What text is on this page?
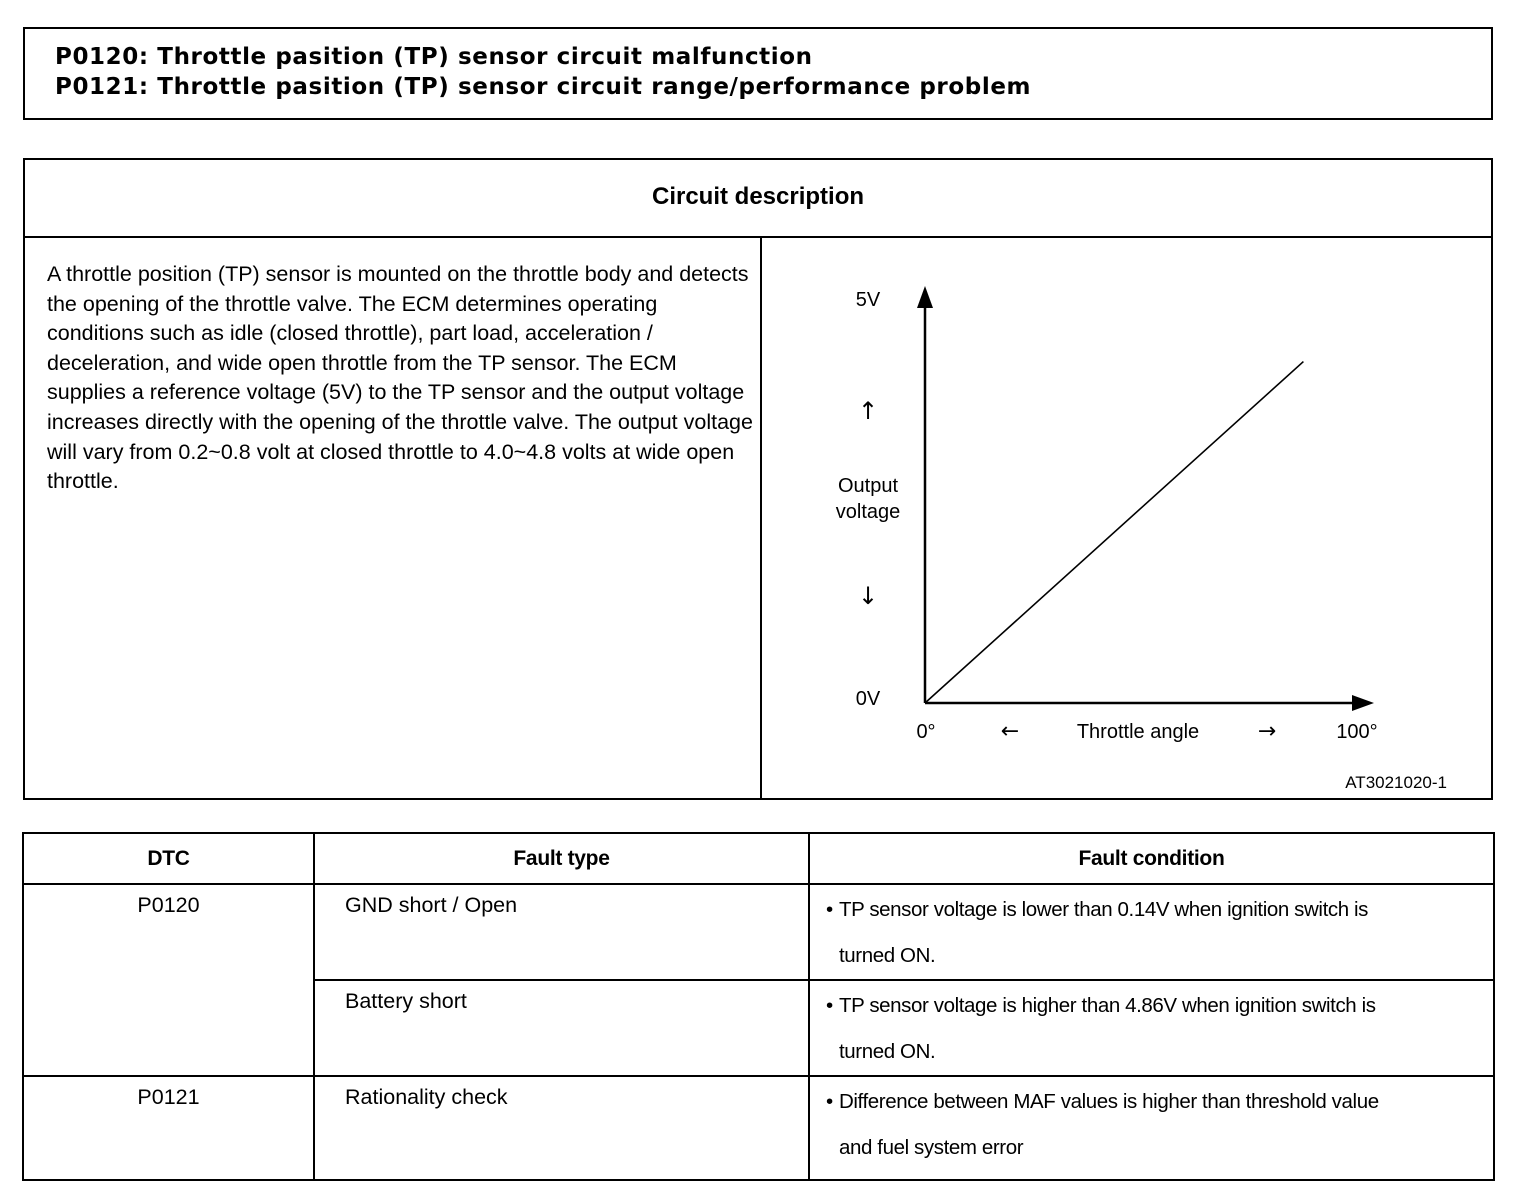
P0120: Throttle pasition (TP) sensor circuit malfunction
P0121: Throttle pasition (TP) sensor circuit range/performance problem
Circuit description
A throttle position (TP) sensor is mounted on the throttle body and detects the opening of the throttle valve. The ECM determines operating conditions such as idle (closed throttle), part load, acceleration / deceleration, and wide open throttle from the TP sensor. The ECM supplies a reference voltage (5V) to the TP sensor and the output voltage increases directly with the opening of the throttle valve. The output voltage will vary from 0.2~0.8 volt at closed throttle to 4.0~4.8 volts at wide open throttle.
5V
↑
Output
voltage
↓
0V
0°	←	Throttle angle	→	100°
AT3021020-1
DTC	Fault type	Fault condition
P0120	GND short / Open	• TP sensor voltage is lower than 0.14V when ignition switch is
turned ON.

	Battery short	• TP sensor voltage is higher than 4.86V when ignition switch is
turned ON.

P0121	Rationality check	• Difference between MAF values is higher than threshold value
and fuel system error
